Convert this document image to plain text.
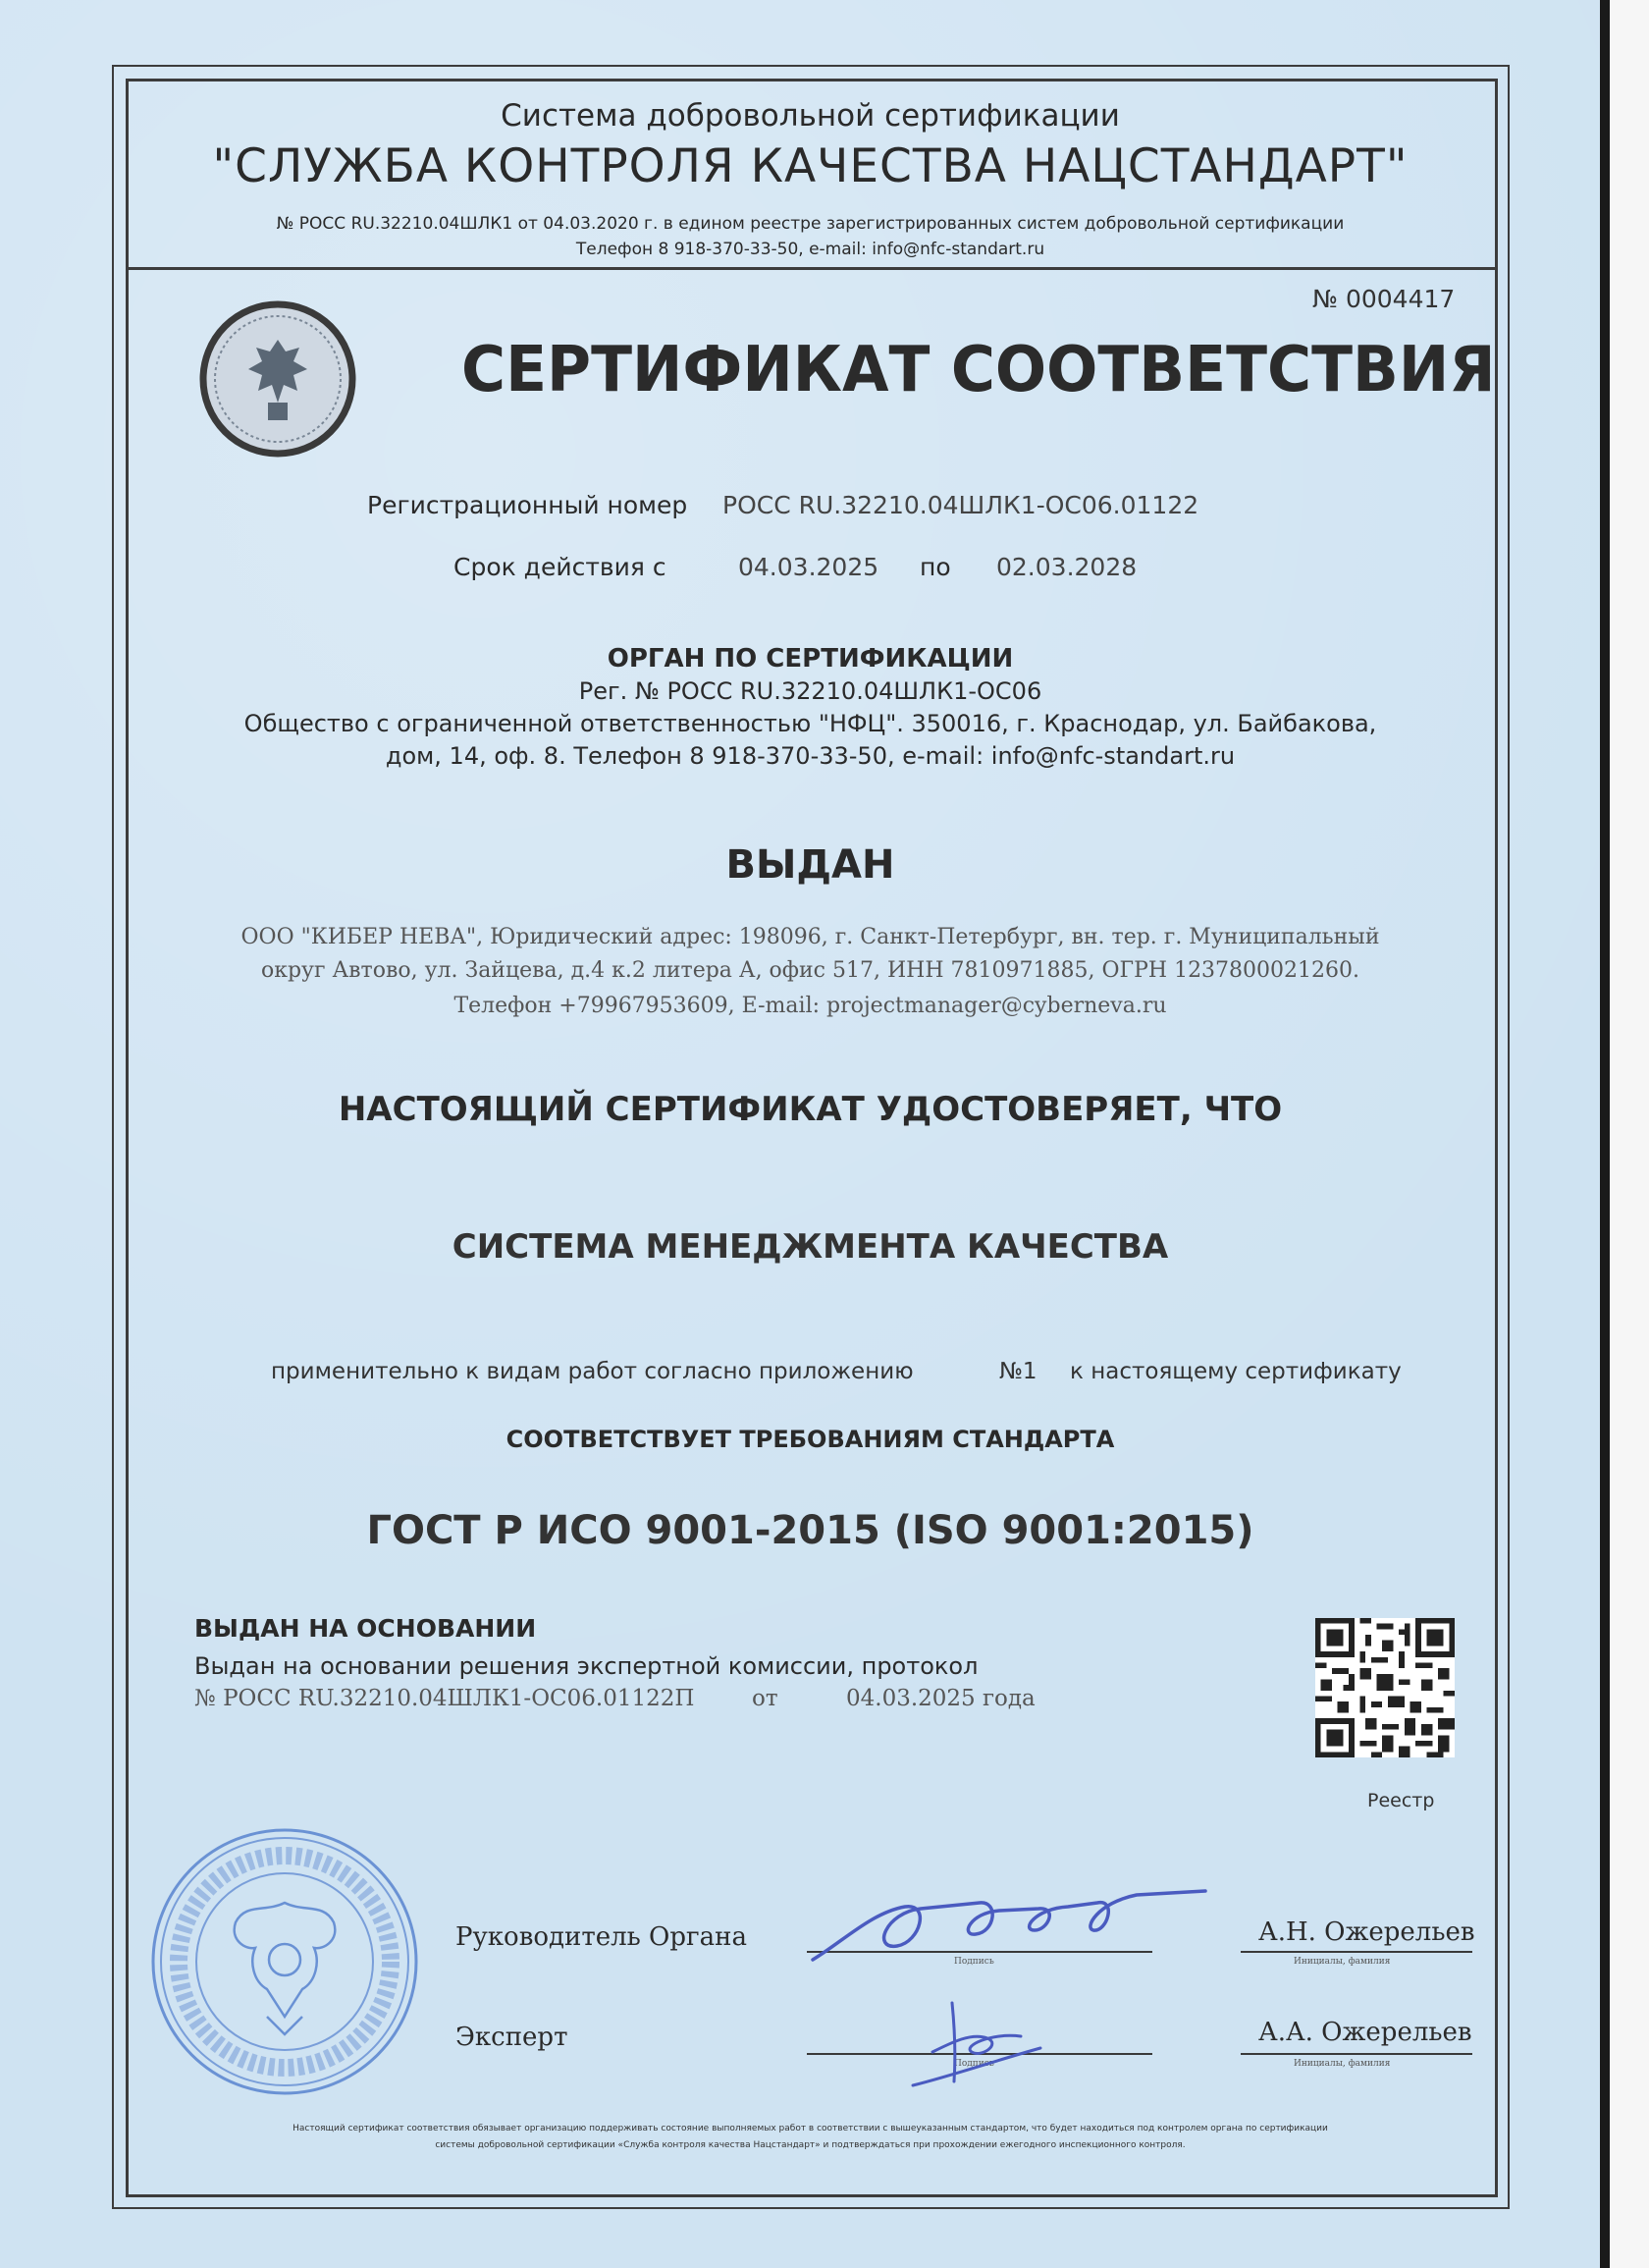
Система добровольной сертификации
"СЛУЖБА КОНТРОЛЯ КАЧЕСТВА НАЦСТАНДАРТ"
№ РОСС RU.32210.04ШЛК1 от 04.03.2020 г. в едином реестре зарегистрированных систем добровольной сертификации
Телефон 8 918-370-33-50, e-mail: info@nfc-standart.ru
№ 0004417
СЕРТИФИКАТ СООТВЕТСТВИЯ
Регистрационный номер РОСС RU.32210.04ШЛК1-ОС06.01122
Срок действия с	04.03.2025 по 02.03.2028
ОРГАН ПО СЕРТИФИКАЦИИ
Рег. № РОСС RU.32210.04ШЛК1-ОС06
Общество с ограниченной ответственностью "НФЦ". 350016, г. Краснодар, ул. Байбакова,
дом, 14, оф. 8. Телефон 8 918-370-33-50, e-mail: info@nfc-standart.ru
ВЫДАН
ООО "КИБЕР НЕВА", Юридический адрес: 198096, г. Санкт-Петербург, вн. тер. г. Муниципальный
округ Автово, ул. Зайцева, д.4 к.2 литера А, офис 517, ИНН 7810971885, ОГРН 1237800021260.
Телефон +79967953609, E-mail: projectmanager@cyberneva.ru
НАСТОЯЩИЙ СЕРТИФИКАТ УДОСТОВЕРЯЕТ, ЧТО
СИСТЕМА МЕНЕДЖМЕНТА КАЧЕСТВА
применительно к видам работ согласно приложению	№1 к настоящему сертификату
СООТВЕТСТВУЕТ ТРЕБОВАНИЯМ СТАНДАРТА
ГОСТ Р ИСО 9001-2015 (ISO 9001:2015)
ВЫДАН НА ОСНОВАНИИ
Выдан на основании решения экспертной комиссии, протокол
№ РОСС RU.32210.04ШЛК1-ОС06.01122П	от	04.03.2025 года
Реестр
Руководитель Органа
Подпись
А.Н. Ожерельев
Инициалы, фамилия
Эксперт
Подпись
А.А. Ожерельев
Инициалы, фамилия
Настоящий сертификат соответствия обязывает организацию поддерживать состояние выполняемых работ в соответствии с вышеуказанным стандартом, что будет находиться под контролем органа по сертификации
системы добровольной сертификации «Служба контроля качества Нацстандарт» и подтверждаться при прохождении ежегодного инспекционного контроля.
